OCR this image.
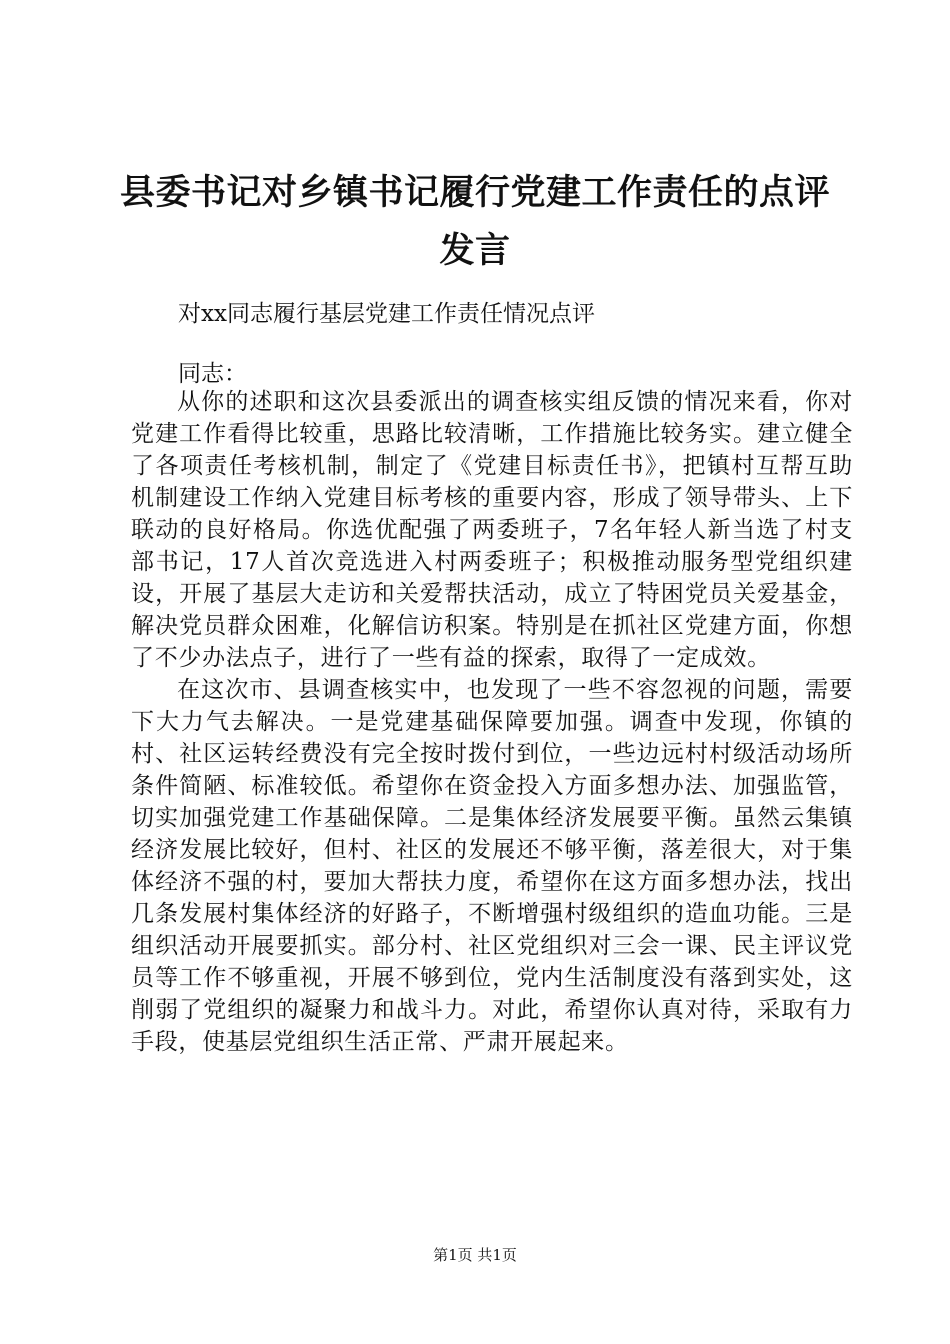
县委书记对乡镇书记履行党建工作责任的点评发言

对xx同志履行基层党建工作责任情况点评

同志：

从你的述职和这次县委派出的调查核实组反馈的情况来看，你对党建工作看得比较重，思路比较清晰，工作措施比较务实。建立健全了各项责任考核机制，制定了《党建目标责任书》，把镇村互帮互助机制建设工作纳入党建目标考核的重要内容，形成了领导带头、上下联动的良好格局。你选优配强了两委班子，7名年轻人新当选了村支部书记，17人首次竞选进入村两委班子；积极推动服务型党组织建设，开展了基层大走访和关爱帮扶活动，成立了特困党员关爱基金，解决党员群众困难，化解信访积案。特别是在抓社区党建方面，你想了不少办法点子，进行了一些有益的探索，取得了一定成效。

在这次市、县调查核实中，也发现了一些不容忽视的问题，需要下大力气去解决。一是党建基础保障要加强。调查中发现，你镇的村、社区运转经费没有完全按时拨付到位，一些边远村村级活动场所条件简陋、标准较低。希望你在资金投入方面多想办法、加强监管，切实加强党建工作基础保障。二是集体经济发展要平衡。虽然云集镇经济发展比较好，但村、社区的发展还不够平衡，落差很大，对于集体经济不强的村，要加大帮扶力度，希望你在这方面多想办法，找出几条发展村集体经济的好路子，不断增强村级组织的造血功能。三是组织活动开展要抓实。部分村、社区党组织对三会一课、民主评议党员等工作不够重视，开展不够到位，党内生活制度没有落到实处，这削弱了党组织的凝聚力和战斗力。对此，希望你认真对待，采取有力手段，使基层党组织生活正常、严肃开展起来。

第1页 共1页
